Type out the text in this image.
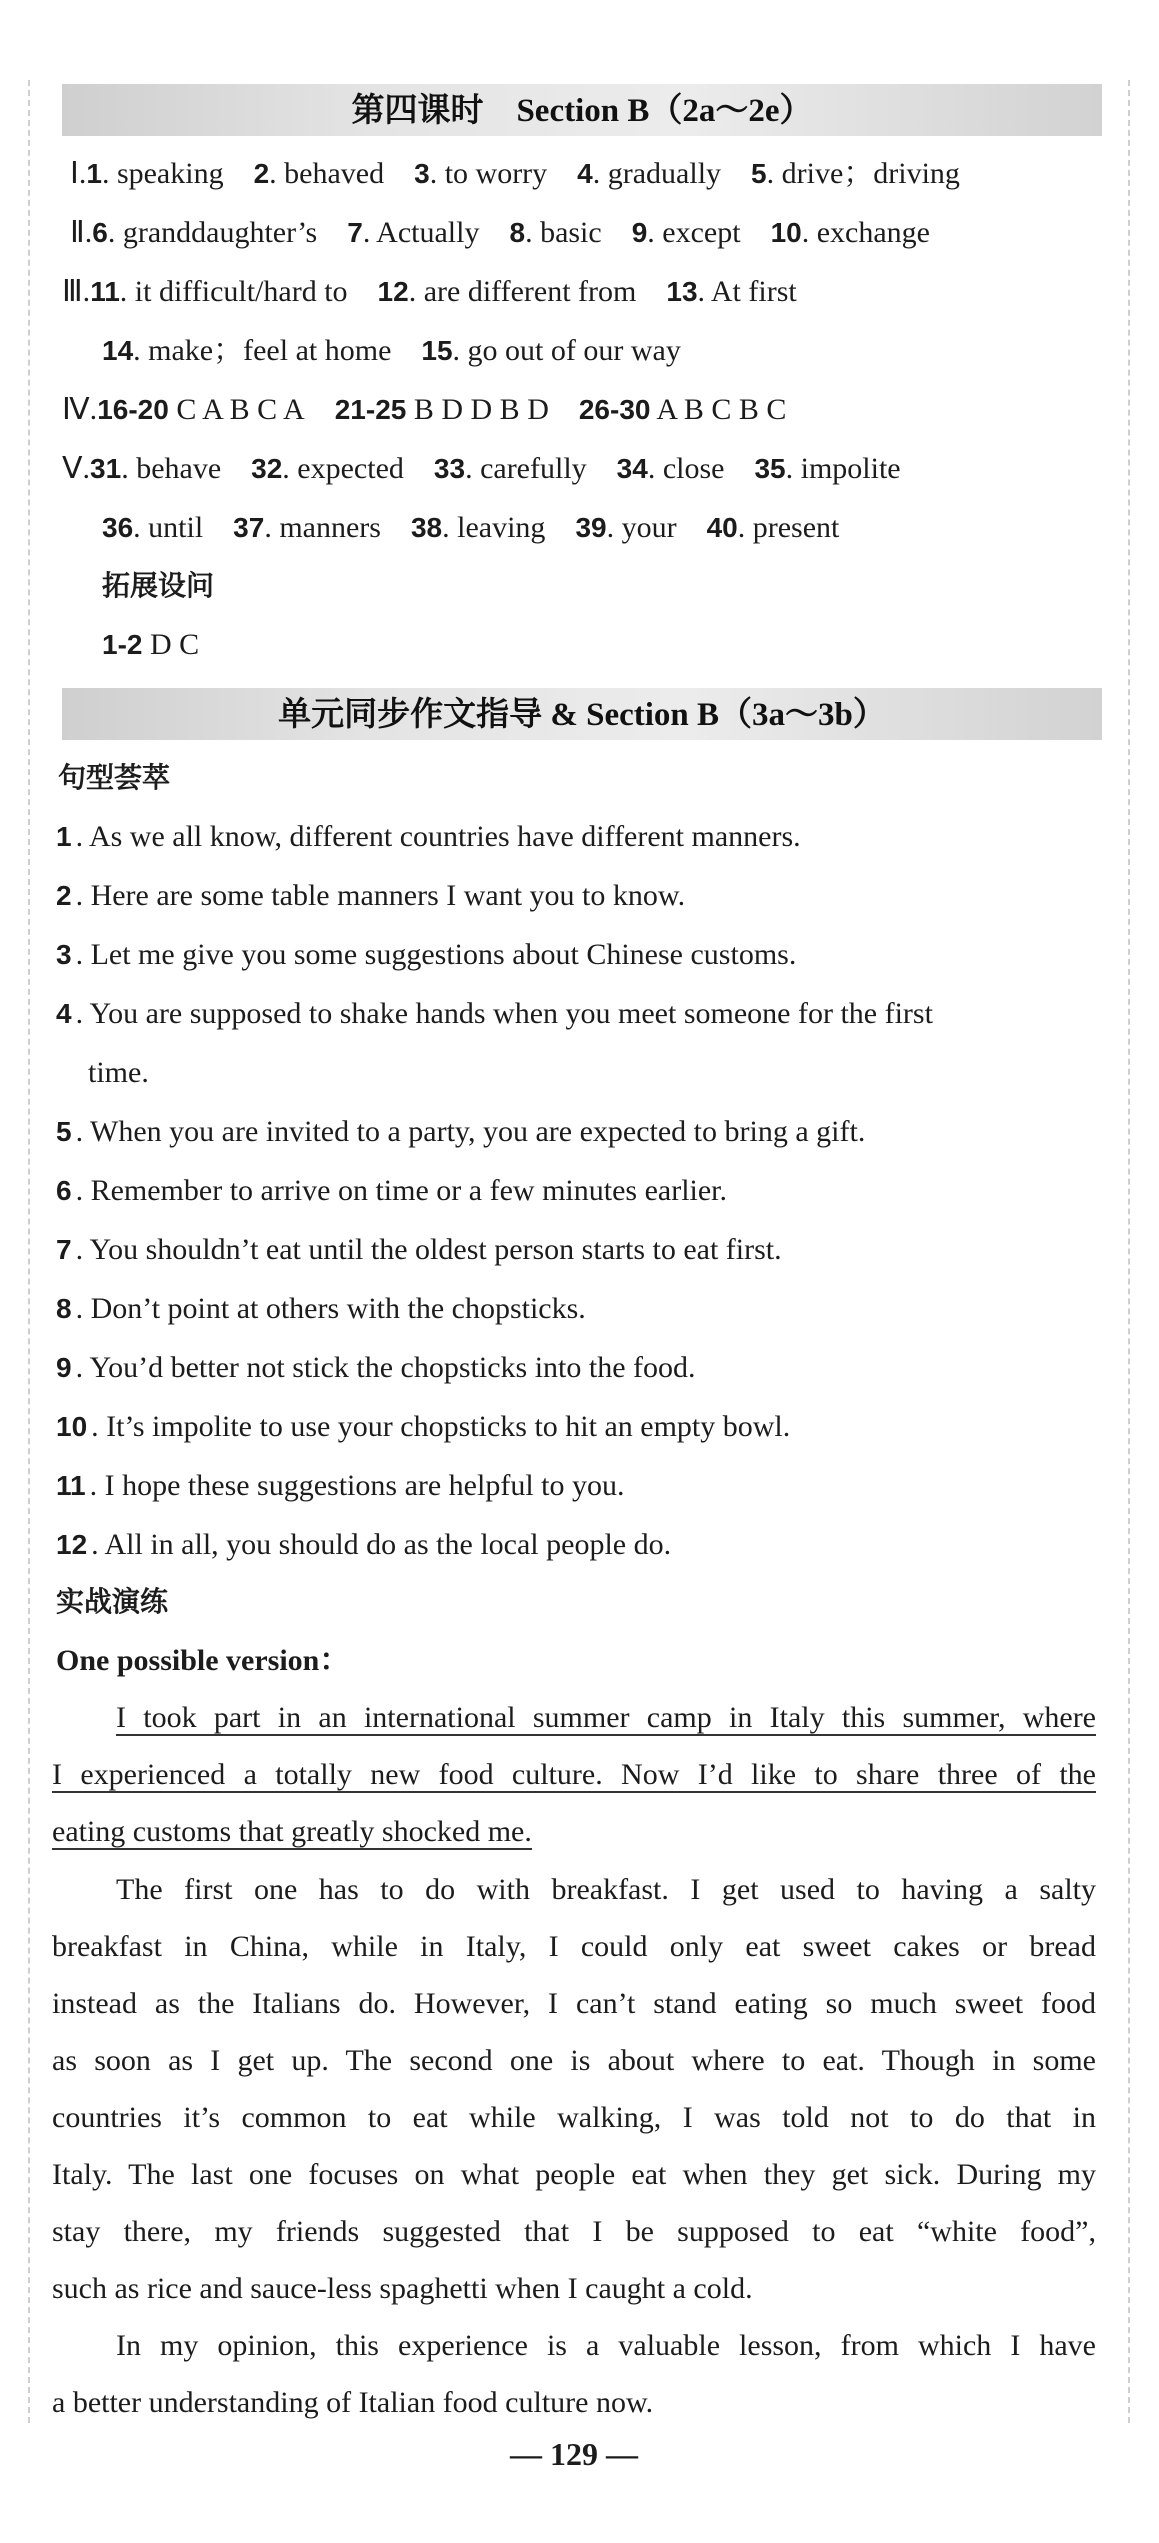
第四课时 Section B（2a～2e）
Ⅰ.1. speaking 2. behaved 3. to worry 4. gradually 5. drive；driving
Ⅱ.6. granddaughter’s 7. Actually 8. basic 9. except 10. exchange
Ⅲ.11. it difficult/hard to 12. are different from 13. At first
14. make；feel at home 15. go out of our way
Ⅳ.16-20 C A B C A 21-25 B D D B D 26-30 A B C B C
Ⅴ.31. behave 32. expected 33. carefully 34. close 35. impolite
36. until 37. manners 38. leaving 39. your 40. present
拓展设问
1-2 D C
单元同步作文指导 & Section B（3a～3b）
句型荟萃
1 . As we all know, different countries have different manners.
2 . Here are some table manners I want you to know.
3 . Let me give you some suggestions about Chinese customs.
4 . You are supposed to shake hands when you meet someone for the first
time.
5 . When you are invited to a party, you are expected to bring a gift.
6 . Remember to arrive on time or a few minutes earlier.
7 . You shouldn’t eat until the oldest person starts to eat first.
8 . Don’t point at others with the chopsticks.
9 . You’d better not stick the chopsticks into the food.
10 . It’s impolite to use your chopsticks to hit an empty bowl.
11 . I hope these suggestions are helpful to you.
12 . All in all, you should do as the local people do.
实战演练
One possible version：
I took part in an international summer camp in Italy this summer, where
I experienced a totally new food culture. Now I’d like to share three of the
eating customs that greatly shocked me.
The first one has to do with breakfast. I get used to having a salty
breakfast in China, while in Italy, I could only eat sweet cakes or bread
instead as the Italians do. However, I can’t stand eating so much sweet food
as soon as I get up. The second one is about where to eat. Though in some
countries it’s common to eat while walking, I was told not to do that in
Italy. The last one focuses on what people eat when they get sick. During my
stay there, my friends suggested that I be supposed to eat “white food”,
such as rice and sauce-less spaghetti when I caught a cold.
In my opinion, this experience is a valuable lesson, from which I have
a better understanding of Italian food culture now.
— 129 —
